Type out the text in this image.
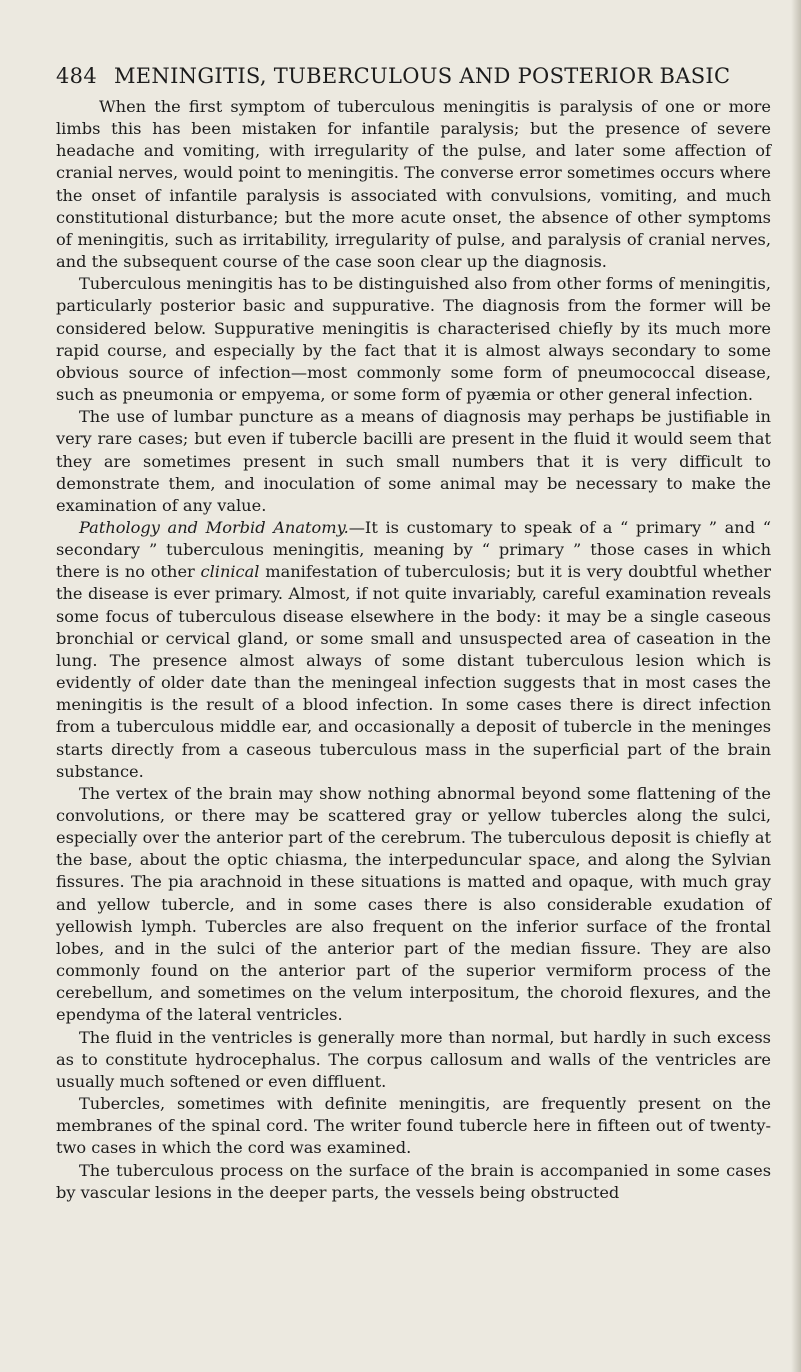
484 MENINGITIS, TUBERCULOUS AND POSTERIOR BASIC

When the first symptom of tuberculous meningitis is paralysis of one or more limbs this has been mistaken for infantile paralysis; but the presence of severe headache and vomiting, with irregularity of the pulse, and later some affection of cranial nerves, would point to meningitis. The converse error sometimes occurs where the onset of infantile paralysis is associated with convulsions, vomiting, and much constitutional disturbance; but the more acute onset, the absence of other symptoms of meningitis, such as irritability, irregularity of pulse, and paralysis of cranial nerves, and the subsequent course of the case soon clear up the diagnosis.

Tuberculous meningitis has to be distinguished also from other forms of meningitis, particularly posterior basic and suppurative. The diagnosis from the former will be considered below. Suppurative meningitis is characterised chiefly by its much more rapid course, and especially by the fact that it is almost always secondary to some obvious source of infection—most commonly some form of pneumococcal disease, such as pneumonia or empyema, or some form of pyæmia or other general infection.

The use of lumbar puncture as a means of diagnosis may perhaps be justifiable in very rare cases; but even if tubercle bacilli are present in the fluid it would seem that they are sometimes present in such small numbers that it is very difficult to demonstrate them, and inoculation of some animal may be necessary to make the examination of any value.

Pathology and Morbid Anatomy.—It is customary to speak of a “ primary ” and “ secondary ” tuberculous meningitis, meaning by “ primary ” those cases in which there is no other clinical manifestation of tuberculosis; but it is very doubtful whether the disease is ever primary. Almost, if not quite invariably, careful examination reveals some focus of tuberculous disease elsewhere in the body: it may be a single caseous bronchial or cervical gland, or some small and unsuspected area of caseation in the lung. The presence almost always of some distant tuberculous lesion which is evidently of older date than the meningeal infection suggests that in most cases the meningitis is the result of a blood infection. In some cases there is direct infection from a tuberculous middle ear, and occasionally a deposit of tubercle in the meninges starts directly from a caseous tuberculous mass in the superficial part of the brain substance.

The vertex of the brain may show nothing abnormal beyond some flattening of the convolutions, or there may be scattered gray or yellow tubercles along the sulci, especially over the anterior part of the cerebrum. The tuberculous deposit is chiefly at the base, about the optic chiasma, the interpeduncular space, and along the Sylvian fissures. The pia arachnoid in these situations is matted and opaque, with much gray and yellow tubercle, and in some cases there is also considerable exudation of yellowish lymph. Tubercles are also frequent on the inferior surface of the frontal lobes, and in the sulci of the anterior part of the median fissure. They are also commonly found on the anterior part of the superior vermiform process of the cerebellum, and sometimes on the velum interpositum, the choroid flexures, and the ependyma of the lateral ventricles.

The fluid in the ventricles is generally more than normal, but hardly in such excess as to constitute hydrocephalus. The corpus callosum and walls of the ventricles are usually much softened or even diffluent.

Tubercles, sometimes with definite meningitis, are frequently present on the membranes of the spinal cord. The writer found tubercle here in fifteen out of twenty-two cases in which the cord was examined.

The tuberculous process on the surface of the brain is accompanied in some cases by vascular lesions in the deeper parts, the vessels being obstructed
